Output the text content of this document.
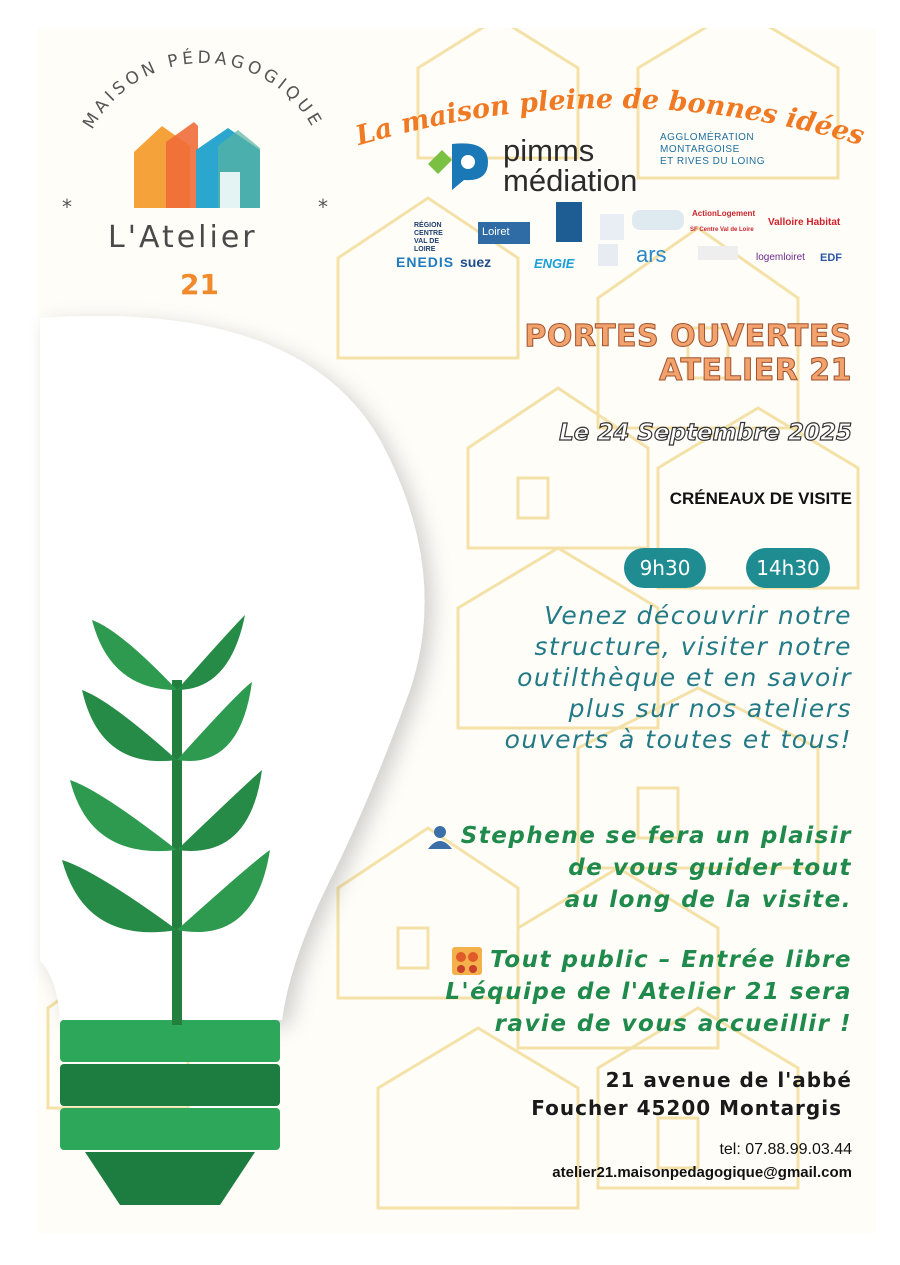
MAISON PÉDAGOGIQUE
*	*
L'Atelier
21
La maison pleine de bonnes idées
pimms
médiation
AGGLOMÉRATION
MONTARGOISE
ET RIVES DU LOING
RÉGION CENTRE VAL DE LOIRE
Loiret
ActionLogement
SF Centre Val de Loire
Valloire Habitat
ENEDIS suez	ENGIE	ars	logemloiret EDF
PORTES OUVERTES
ATELIER 21
Le 24 Septembre 2025
CRÉNEAUX DE VISITE
9h30	14h30
Venez découvrir notre
structure, visiter notre
outilthèque et en savoir
plus sur nos ateliers
ouverts à toutes et tous!
Stephene se fera un plaisir
de vous guider tout
au long de la visite.
Tout public – Entrée libre
L'équipe de l'Atelier 21 sera
ravie de vous accueillir !
21 avenue de l'abbé
Foucher 45200 Montargis
tel: 07.88.99.03.44
atelier21.maisonpedagogique@gmail.com
